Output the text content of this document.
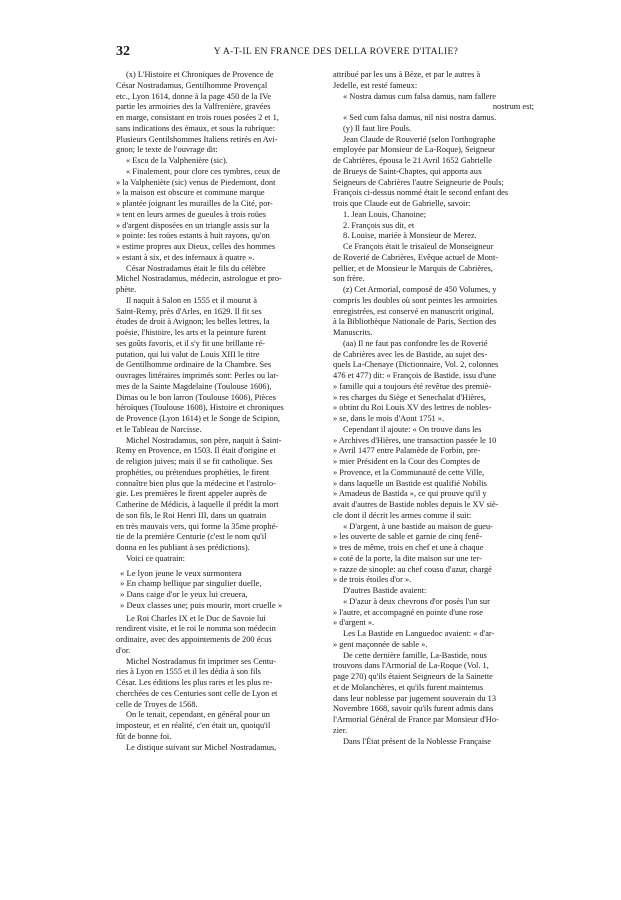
32	Y A-T-IL EN FRANCE DES DELLA ROVERE D'ITALIE?

(x) L'Histoire et Chroniques de Provence de

César Nostradamus, Gentilhomme Provençal

etc., Lyon 1614, donne à la page 450 de la IVe

partie les armoiries des la Valfrenière, gravées

en marge, consistant en trois roues posées 2 et 1,

sans indications des émaux, et sous la rubrique:

Plusieurs Gentilshommes Italiens retirés en Avi-

gnon; le texte de l'ouvrage dit:

« Escu de la Valphenière (sic).

« Finalement, pour clore ces tymbres, ceux de

» la Valpheniète (sic) venus de Piedemont, dont

» la maison est obscure et commune marque

» plantée joignant les murailles de la Cité, por-

» tent en leurs armes de gueules à trois roües

» d'argent disposées en un triangle assis sur la

» pointe: les roües estants à huit rayons, qu'on

» estime propres aux Dieux, celles des hommes

» estant à six, et des infernaux à quatre ».

César Nostradamus était le fils du célèbre

Michel Nostradamus, médecin, astrologue et pro-

phète.

Il naquit à Salon en 1555 et il mourut à

Saint-Remy, près d'Arles, en 1629. Il fit ses

études de droit à Avignon; les belles lettres, la

poésie, l'histoire, les arts et la peinture furent

ses goûts favoris, et il s'y fit une brillante ré-

putation, qui lui valut de Louis XIII le titre

de Gentilhomme ordinaire de la Chambre. Ses

ouvrages littéraires imprimés sont: Perles ou lar-

mes de la Sainte Magdelaine (Toulouse 1606),

Dimas ou le bon larron (Toulouse 1606), Pièces

héroïques (Toulouse 1608), Histoire et chroniques

de Provence (Lyon 1614) et le Songe de Scipion,

et le Tableau de Narcisse.

Michel Nostradamus, son père, naquit à Saint-

Remy en Provence, en 1503. Il était d'origine et

de religion juives; mais il se fit catholique. Ses

prophéties, ou prétendues prophéties, le firent

connaître bien plus que la médecine et l'astrolo-

gie. Les premières le firent appeler auprès de

Catherine de Médicis, à laquelle il prédit la mort

de son fils, le Roi Henri III, dans un quatrain

en très mauvais vers, qui forme la 35me prophé-

tie de la première Centurie (c'est le nom qu'il

donna en les publiant à ses prédictions).

Voici ce quatrain:

« Le lyon jeune le veux surmontera

» En champ bellique par singulier duelle,

» Dans caige d'or le yeux lui creuera,

» Deux classes une; puis mourir, mort cruelle »

Le Roi Charles IX et le Duc de Savoie lui

rendirent visite, et le roi le nomma son médecin

ordinaire, avec des appointements de 200 écus

d'or.

Michel Nostradamus fit imprimer ses Centu-

ries à Lyon en 1555 et il les dédia à son fils

César. Les éditions les plus rares et les plus re-

cherchées de ces Centuries sont celle de Lyon et

celle de Troyes de 1568.

On le tenait, cependant, en général pour un

imposteur, et en réalité, c'en était un, quoiqu'il

fût de bonne foi.

Le distique suivant sur Michel Nostradamus,

attribué par les uns à Bèze, et par le autres à

Jedelle, est resté fameux:

« Nostra damus cum falsa damus, nam fallere

nostrum est;

« Sed cum falsa damus, nil nisi nostra damus.

(y) Il faut lire Pouls.

Jean Claude de Rouverié (selon l'orthographe

employée par Monsieur de La-Roque), Seigneur

de Cabrières, épousa le 21 Avril 1652 Gabrielle

de Brueys de Saint-Chaptes, qui apporta aux

Seigneurs de Cabrières l'autre Seigneurie de Pouls;

François ci-dessus nommé était le second enfant des

trois que Claude eut de Gabrielle, savoir:

1. Jean Louis, Chanoine;

2. François sus dit, et

8. Louise, mariée à Monsieur de Merez.

Ce François était le trisaïeul de Monseigneur

de Roverié de Cabrières, Evêque actuel de Mont-

pellier, et de Monsieur le Marquis de Cabrières,

son frère.

(z) Cet Armorial, composé de 450 Volumes, y

compris les doubles où sont peintes les armoiries

enregistrées, est conservé en manuscrit original,

à la Bibliothèque Nationale de Paris, Section des

Manuscrits.

(aa) Il ne faut pas confondre les de Roverié

de Cabrières avec les de Bastide, au sujet des-

quels La-Chenaye (Dictionnaire, Vol. 2, colonnes

476 et 477) dit: « François de Bastide, issu d'une

» famille qui a toujours été revêtue des premiè-

» res charges du Siège et Senechalat d'Hières,

» obtint du Roi Louis XV des lettres de nobles-

» se, dans le mois d'Aout 1751 ».

Cependant il ajoute: « On trouve dans les

» Archives d'Hières, une transaction passée le 10

» Avril 1477 entre Palamède de Forbin, pre-

» mier Président en la Cour des Comptes de

» Provence, et la Communauté de cette Ville,

» dans laquelle un Bastide est qualifié Nobilis

» Amadeus de Bastida », ce qui prouve qu'il y

avait d'autres de Bastide nobles depuis le XV siè-

cle dont il décrit les armes comme il suit:

« D'argent, à une bastide au maison de gueu-

» les ouverte de sable et garnie de cinq fenê-

» tres de même, trois en chef et une à chaque

» coté de la porte, la dite maison sur une ter-

» razze de sinople: au chef cousu d'azur, chargé

» de trois étoiles d'or ».

D'autres Bastide avaient:

« D'azur à deux chevrons d'or posés l'un sur

» l'autre, et accompagné en pointe d'une rose

» d'argent ».

Les La Bastide en Languedoc avaient: « d'ar-

» gent maçonnée de sable ».

De cette dernière famille, La-Bastide, nous

trouvons dans l'Armorial de La-Roque (Vol. 1,

page 270) qu'ils étaient Seigneurs de la Sainette

et de Molanchères, et qu'ils furent maintenus

dans leur noblesse par jugement souverain du 13

Novembre 1668, savoir qu'ils furent admis dans

l'Armorial Général de France par Monsieur d'Ho-

zier.

Dans l'État présent de la Noblesse Française
